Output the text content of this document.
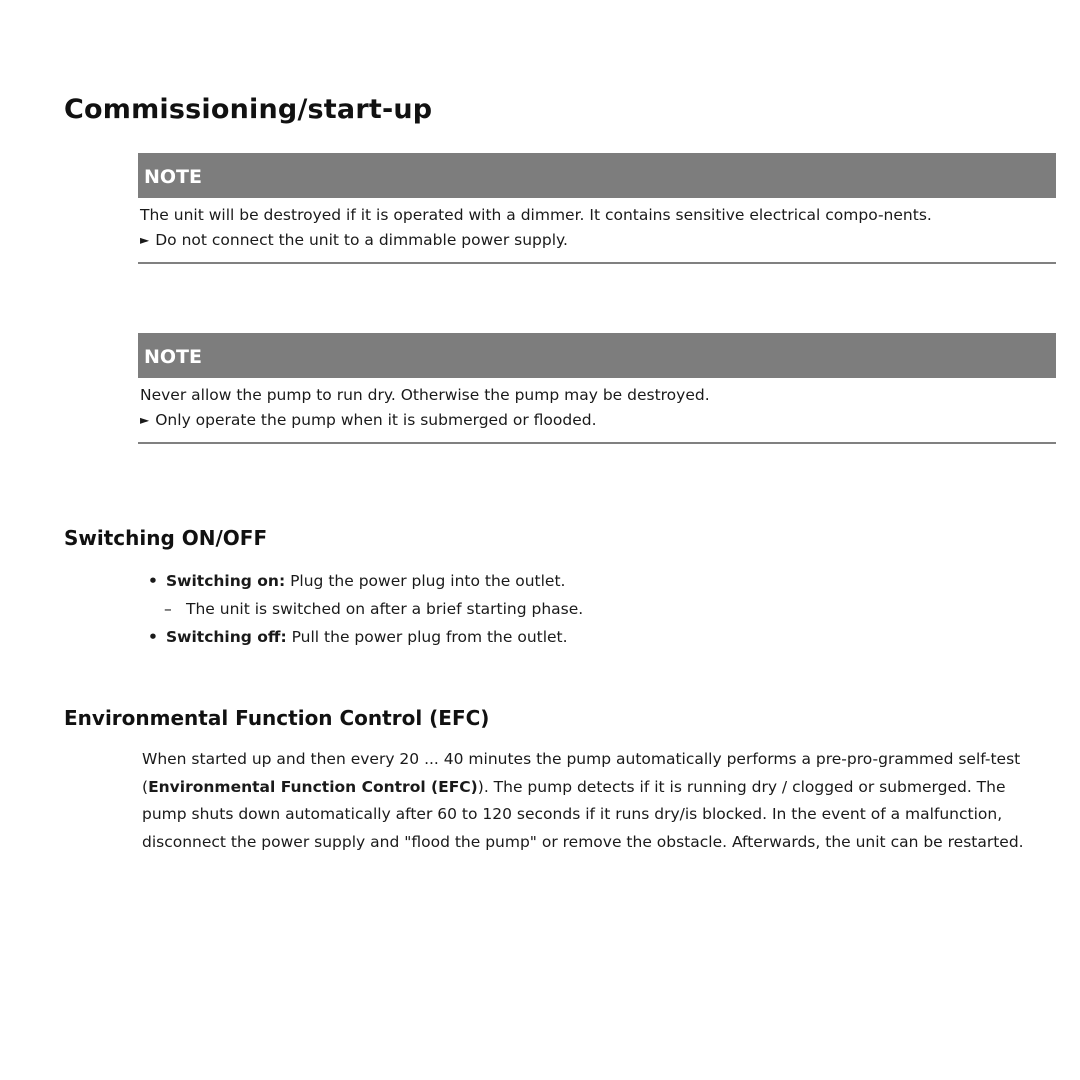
Commissioning/start-up
NOTE

The unit will be destroyed if it is operated with a dimmer. It contains sensitive electrical compo-nents.

► Do not connect the unit to a dimmable power supply.

NOTE

Never allow the pump to run dry. Otherwise the pump may be destroyed.

► Only operate the pump when it is submerged or flooded.

Switching ON/OFF
• Switching on: Plug the power plug into the outlet.
– The unit is switched on after a brief starting phase.
• Switching off: Pull the power plug from the outlet.
Environmental Function Control (EFC)

When started up and then every 20 ... 40 minutes the pump automatically performs a pre-pro-grammed self-test (Environmental Function Control (EFC)). The pump detects if it is running dry / clogged or submerged. The pump shuts down automatically after 60 to 120 seconds if it runs dry/is blocked. In the event of a malfunction, disconnect the power supply and "flood the pump" or remove the obstacle. Afterwards, the unit can be restarted.
